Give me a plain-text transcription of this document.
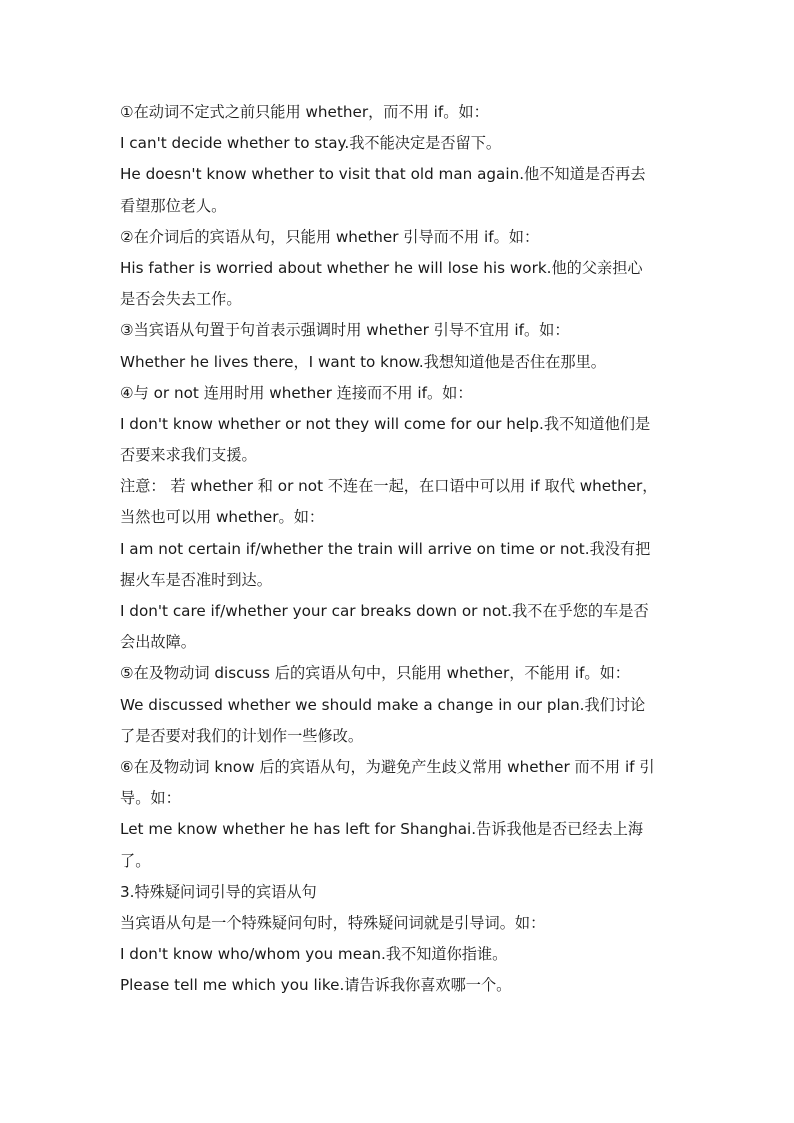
①在动词不定式之前只能用 whether，而不用 if。如：
I can't decide whether to stay.我不能决定是否留下。
He doesn't know whether to visit that old man again.他不知道是否再去
看望那位老人。
②在介词后的宾语从句，只能用 whether 引导而不用 if。如：
His father is worried about whether he will lose his work.他的父亲担心
是否会失去工作。
③当宾语从句置于句首表示强调时用 whether 引导不宜用 if。如：
Whether he lives there，I want to know.我想知道他是否住在那里。
④与 or not 连用时用 whether 连接而不用 if。如：
I don't know whether or not they will come for our help.我不知道他们是
否要来求我们支援。
注意： 若 whether 和 or not 不连在一起，在口语中可以用 if 取代 whether，
当然也可以用 whether。如：
I am not certain if/whether the train will arrive on time or not.我没有把
握火车是否准时到达。
I don't care if/whether your car breaks down or not.我不在乎您的车是否
会出故障。
⑤在及物动词 discuss 后的宾语从句中，只能用 whether，不能用 if。如：
We discussed whether we should make a change in our plan.我们讨论
了是否要对我们的计划作一些修改。
⑥在及物动词 know 后的宾语从句，为避免产生歧义常用 whether 而不用 if 引
导。如：
Let me know whether he has left for Shanghai.告诉我他是否已经去上海
了。
3.特殊疑问词引导的宾语从句
当宾语从句是一个特殊疑问句时，特殊疑问词就是引导词。如：
I don't know who/whom you mean.我不知道你指谁。
Please tell me which you like.请告诉我你喜欢哪一个。
